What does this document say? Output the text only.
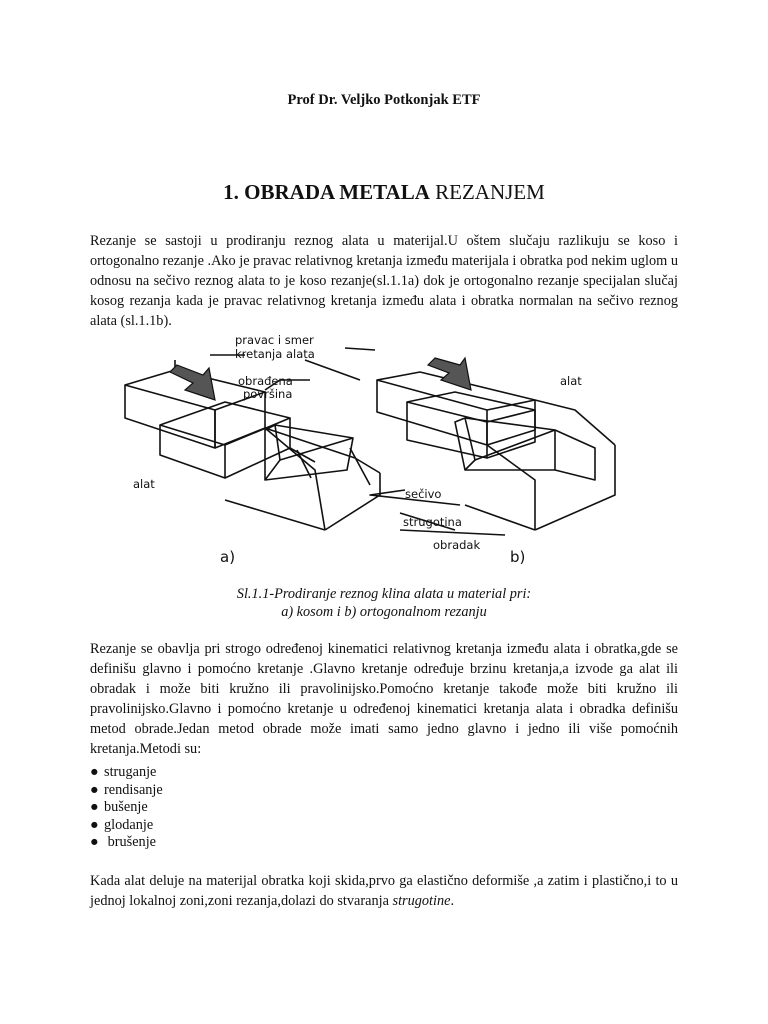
Prof Dr. Veljko Potkonjak ETF
1. OBRADA METALA REZANJEM

Rezanje se sastoji u prodiranju reznog alata u materijal.U oštem slučaju razlikuju se koso i ortogonalno rezanje .Ako je pravac relativnog kretanja između materijala i obratka pod nekim uglom u odnosu na sečivo reznog alata to je koso rezanje(sl.1.1a) dok je ortogonalno rezanje specijalan slučaj kosog rezanja kada je pravac relativnog kretanja između alata i obratka normalan na sečivo reznog alata (sl.1.1b).

pravac i smer
kretanja alata
obrađena
površina
alat
alat
sečivo
strugotina
obradak
a)	b)
Sl.1.1-Prodiranje reznog klina alata u material pri:
a) kosom i b) ortogonalnom rezanju

Rezanje se obavlja pri strogo određenoj kinematici relativnog kretanja između alata i obratka,gde se definišu glavno i pomoćno kretanje .Glavno kretanje određuje brzinu kretanja,a izvode ga alat ili obradak i može biti kružno ili pravolinijsko.Pomoćno kretanje takođe može biti kružno ili pravolinijsko.Glavno i pomoćno kretanje u određenoj kinematici kretanja alata i obradka definišu metod obrade.Jedan metod obrade može imati samo jedno glavno i jedno ili više pomoćnih kretanja.Metodi su:

● struganje
● rendisanje
● bušenje
● glodanje
● brušenje

Kada alat deluje na materijal obratka koji skida,prvo ga elastično deformiše ,a zatim i plastično,i to u jednoj lokalnoj zoni,zoni rezanja,dolazi do stvaranja strugotine.
